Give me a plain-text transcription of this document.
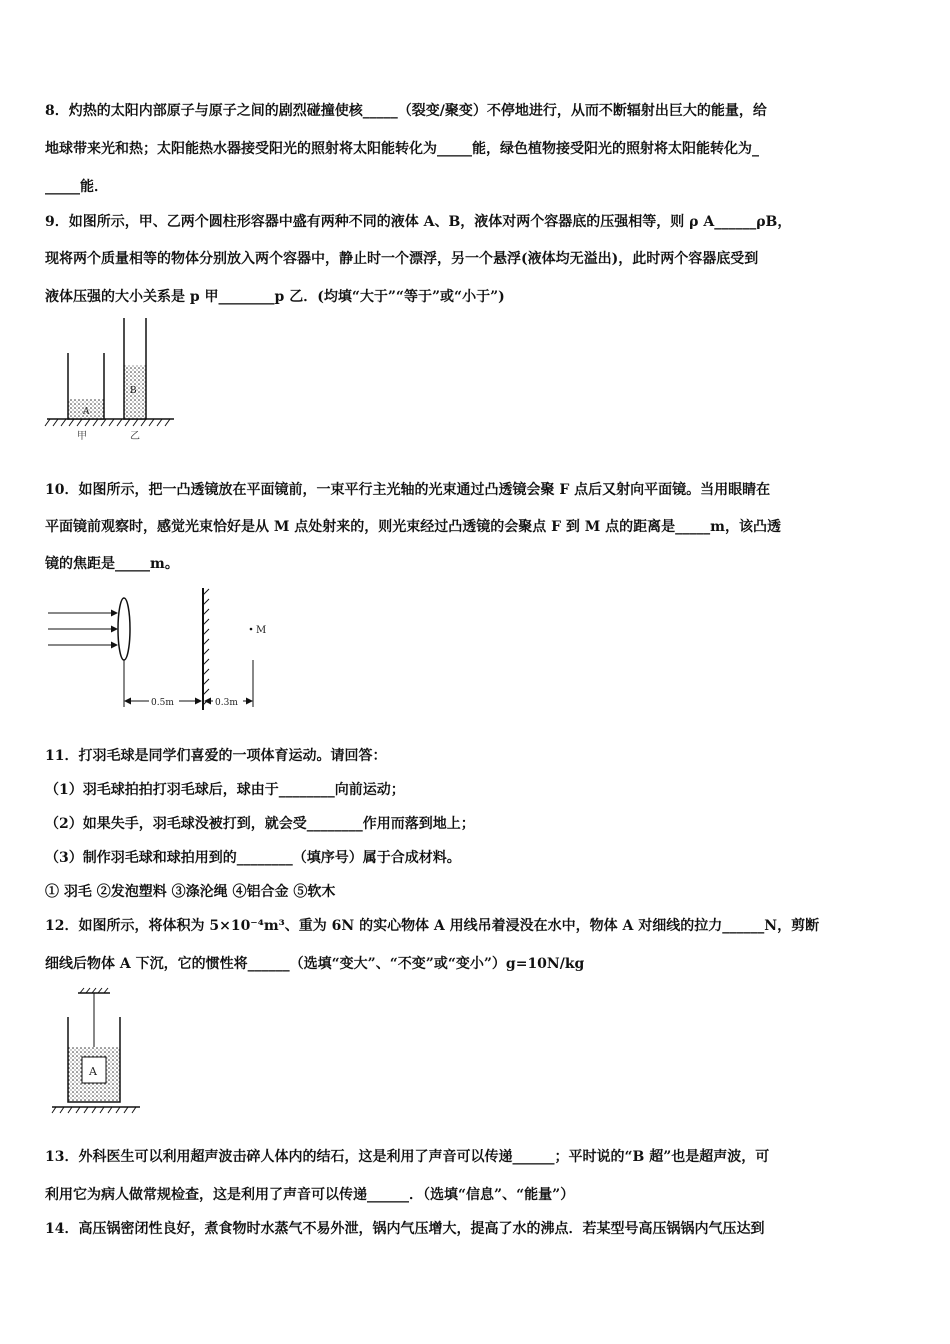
8．灼热的太阳内部原子与原子之间的剧烈碰撞使核_____（裂变/聚变）不停地进行，从而不断辐射出巨大的能量，给
地球带来光和热；太阳能热水器接受阳光的照射将太阳能转化为_____能，绿色植物接受阳光的照射将太阳能转化为_
_____能．
9．如图所示，甲、乙两个圆柱形容器中盛有两种不同的液体 A、B，液体对两个容器底的压强相等，则 ρ A______ρB，
现将两个质量相等的物体分别放入两个容器中，静止时一个漂浮，另一个悬浮(液体均无溢出)，此时两个容器底受到
液体压强的大小关系是 p 甲________p 乙．(均填“大于”“等于”或“小于”)
A
B
甲	乙
10．如图所示，把一凸透镜放在平面镜前，一束平行主光轴的光束通过凸透镜会聚 F 点后又射向平面镜。当用眼睛在
平面镜前观察时，感觉光束恰好是从 M 点处射来的，则光束经过凸透镜的会聚点 F 到 M 点的距离是_____m，该凸透
镜的焦距是_____m。
M
0.5m	0.3m
11．打羽毛球是同学们喜爱的一项体育运动。请回答：
（1）羽毛球拍拍打羽毛球后，球由于________向前运动；
（2）如果失手，羽毛球没被打到，就会受________作用而落到地上；
（3）制作羽毛球和球拍用到的________（填序号）属于合成材料。
① 羽毛 ②发泡塑料 ③涤沦绳 ④铝合金 ⑤软木
12．如图所示，将体积为 5×10⁻⁴m³、重为 6N 的实心物体 A 用线吊着浸没在水中，物体 A 对细线的拉力______N，剪断
细线后物体 A 下沉，它的惯性将______（选填“变大”、“不变”或“变小”）g=10N/kg
A
13．外科医生可以利用超声波击碎人体内的结石，这是利用了声音可以传递______；平时说的“B 超”也是超声波，可
利用它为病人做常规检查，这是利用了声音可以传递______．（选填“信息”、“能量”）
14．高压锅密闭性良好，煮食物时水蒸气不易外泄，锅内气压增大，提高了水的沸点．若某型号高压锅锅内气压达到
